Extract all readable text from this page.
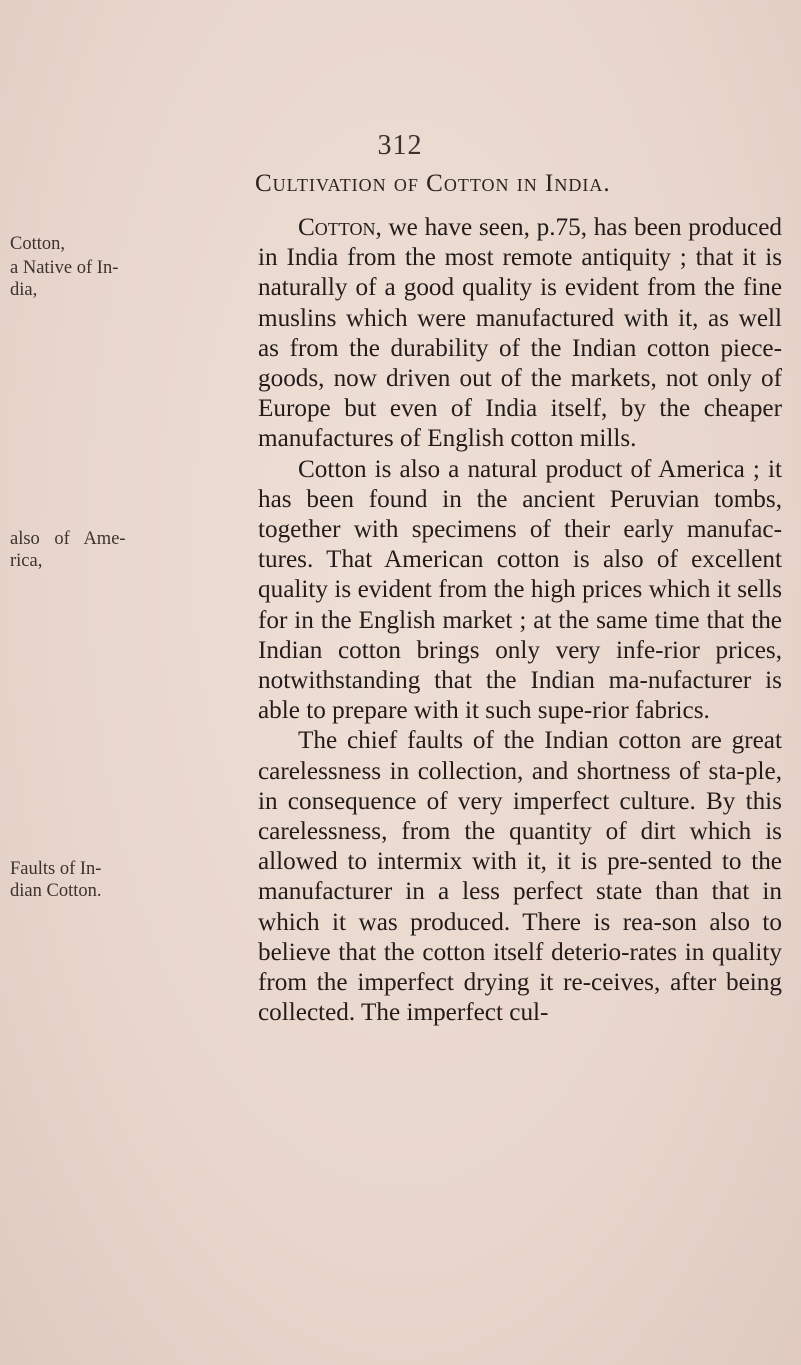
312
Cultivation of Cotton in India.
Cotton,
a Native of In-dia,
also of Ame-rica,
Faults of In-dian Cotton.

Cotton, we have seen, p.75, has been produced in India from the most remote antiquity ; that it is naturally of a good quality is evident from the fine muslins which were manufactured with it, as well as from the durability of the Indian cotton piece-goods, now driven out of the markets, not only of Europe but even of India itself, by the cheaper manufactures of English cotton mills.

Cotton is also a natural product of America ; it has been found in the ancient Peruvian tombs, together with specimens of their early manufac-tures. That American cotton is also of excellent quality is evident from the high prices which it sells for in the English market ; at the same time that the Indian cotton brings only very infe-rior prices, notwithstanding that the Indian ma-nufacturer is able to prepare with it such supe-rior fabrics.

The chief faults of the Indian cotton are great carelessness in collection, and shortness of sta-ple, in consequence of very imperfect culture. By this carelessness, from the quantity of dirt which is allowed to intermix with it, it is pre-sented to the manufacturer in a less perfect state than that in which it was produced. There is rea-son also to believe that the cotton itself deterio-rates in quality from the imperfect drying it re-ceives, after being collected. The imperfect cul-
